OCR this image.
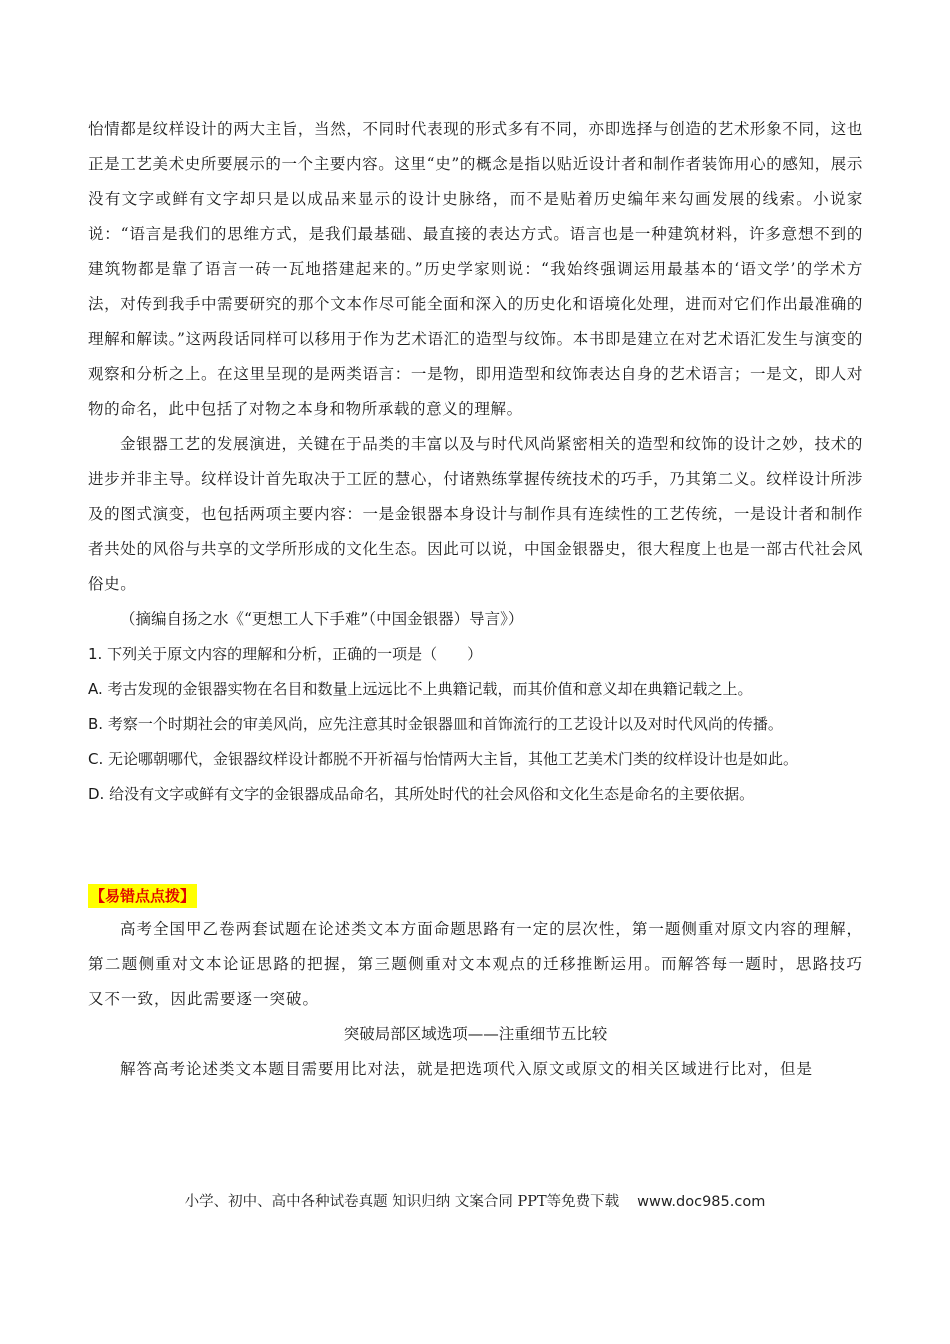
怡情都是纹样设计的两大主旨，当然，不同时代表现的形式多有不同，亦即选择与创造的艺术形象不同，这也正是工艺美术史所要展示的一个主要内容。这里“史”的概念是指以贴近设计者和制作者装饰用心的感知，展示没有文字或鲜有文字却只是以成品来显示的设计史脉络，而不是贴着历史编年来勾画发展的线索。小说家说：“语言是我们的思维方式，是我们最基础、最直接的表达方式。语言也是一种建筑材料，许多意想不到的建筑物都是靠了语言一砖一瓦地搭建起来的。”历史学家则说：“我始终强调运用最基本的‘语文学’的学术方法，对传到我手中需要研究的那个文本作尽可能全面和深入的历史化和语境化处理，进而对它们作出最准确的理解和解读。”这两段话同样可以移用于作为艺术语汇的造型与纹饰。本书即是建立在对艺术语汇发生与演变的观察和分析之上。在这里呈现的是两类语言：一是物，即用造型和纹饰表达自身的艺术语言；一是文，即人对物的命名，此中包括了对物之本身和物所承载的意义的理解。

金银器工艺的发展演进，关键在于品类的丰富以及与时代风尚紧密相关的造型和纹饰的设计之妙，技术的进步并非主导。纹样设计首先取决于工匠的慧心，付诸熟练掌握传统技术的巧手，乃其第二义。纹样设计所涉及的图式演变，也包括两项主要内容：一是金银器本身设计与制作具有连续性的工艺传统，一是设计者和制作者共处的风俗与共享的文学所形成的文化生态。因此可以说，中国金银器史，很大程度上也是一部古代社会风俗史。

（摘编自扬之水《“更想工人下手难”（中国金银器）导言》）

1. 下列关于原文内容的理解和分析，正确的一项是（　　）

A. 考古发现的金银器实物在名目和数量上远远比不上典籍记载，而其价值和意义却在典籍记载之上。

B. 考察一个时期社会的审美风尚，应先注意其时金银器皿和首饰流行的工艺设计以及对时代风尚的传播。

C. 无论哪朝哪代，金银器纹样设计都脱不开祈福与怡情两大主旨，其他工艺美术门类的纹样设计也是如此。

D. 给没有文字或鲜有文字的金银器成品命名，其所处时代的社会风俗和文化生态是命名的主要依据。

【易错点点拨】

高考全国甲乙卷两套试题在论述类文本方面命题思路有一定的层次性，第一题侧重对原文内容的理解，第二题侧重对文本论证思路的把握，第三题侧重对文本观点的迁移推断运用。而解答每一题时，思路技巧又不一致，因此需要逐一突破。

突破局部区域选项——注重细节五比较

解答高考论述类文本题目需要用比对法，就是把选项代入原文或原文的相关区域进行比对，但是

小学、初中、高中各种试卷真题 知识归纳 文案合同 PPT等免费下载 www.doc985.com
